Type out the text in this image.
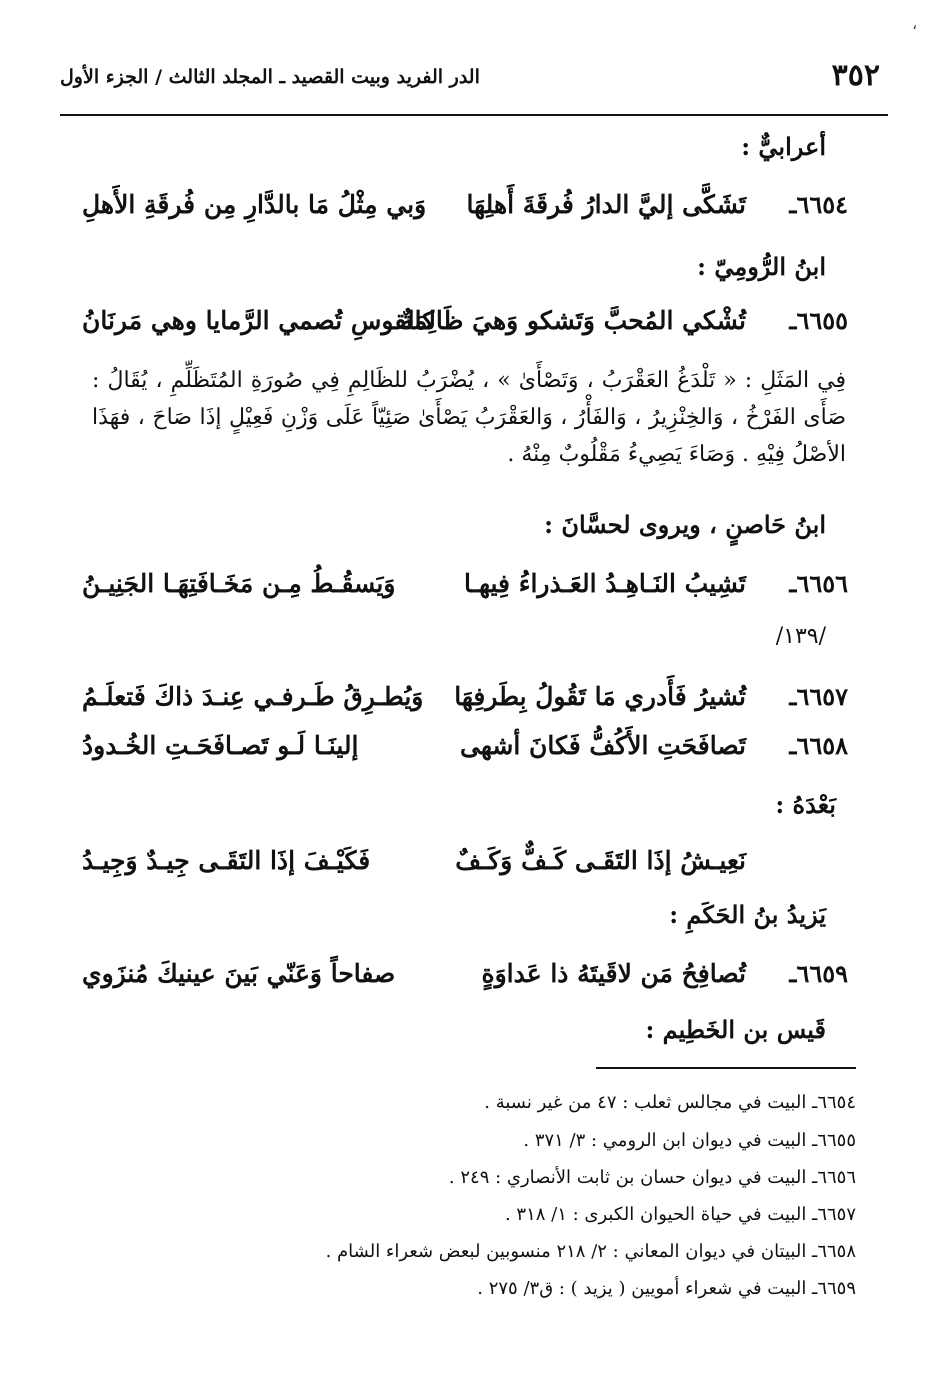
،
٣٥٢
الدر الفريد وبيت القصيد ـ المجلد الثالث / الجزء الأول
أعرابيٌّ :
٦٦٥٤ـ
تَشَكَّى إليَّ الدارُ فُرقَةَ أَهلِهَا
وَبي مِثْلُ مَا بالدَّارِ مِن فُرقَةِ الأَهلِ
ابنُ الرُّومِيّ :
٦٦٥٥ـ
تُشْكي المُحبَّ وَتَشكو وَهيَ ظَالِمَةٌ
كالقوسِ تُصمي الرَّمايا وهي مَرنَانُ
فِي المَثَلِ : « تَلْدَغُ العَقْرَبُ ، وَتَصْأَىٰ » ، يُضْرَبُ للظَالِمِ فِي صُورَةِ المُتَظَلِّمِ ، يُقَالُ : صَأَى الفَرْخُ ، وَالخِنْزِيرُ ، وَالفَأْرُ ، وَالعَقْرَبُ يَصْأَىٰ صَئِيّاً عَلَى وَزْنِ فَعِيْلٍ إذَا صَاحَ ، فهَذَا الأصْلُ فِيْهِ . وَصَاءَ يَصِيءُ مَقْلُوبٌ مِنْهُ .
ابنُ حَاصنٍ ، ويروى لحسَّانَ :
٦٦٥٦ـ
تَشِيبُ النَـاهِـدُ العَـذراءُ فِيهـا
وَيَسقُـطُ مِـن مَخَـافَتِهَـا الجَنِيـنُ
/١٣٩/
٦٦٥٧ـ
تُشيرُ فَأَدري مَا تَقُولُ بِطَرفِهَا
وَيُطـرِقُ طَـرفـي عِنـدَ ذاكَ فَتعلَـمُ
٦٦٥٨ـ
تَصافَحَتِ الأَكُفُّ فَكانَ أشهى
إلينَـا لَـو تَصـافَحَـتِ الخُـدودُ
بَعْدَهُ :
نَعِيـشُ إذَا التَقَـى كَـفٌّ وَكَـفٌ
فَكَيْـفَ إذَا التَقَـى جِيـدٌ وَجِيـدُ
يَزيدُ بنُ الحَكَمِ :
٦٦٥٩ـ
تُصافِحُ مَن لاقَيتَهُ ذا عَداوَةٍ
صفاحاً وَعَنّي بَينَ عينيكَ مُنزَوي
قَيس بن الخَطِيم :
٦٦٥٤ـ البيت في مجالس ثعلب : ٤٧ من غير نسبة .
٦٦٥٥ـ البيت في ديوان ابن الرومي : ٣/ ٣٧١ .
٦٦٥٦ـ البيت في ديوان حسان بن ثابت الأنصاري : ٢٤٩ .
٦٦٥٧ـ البيت في حياة الحيوان الكبرى : ١/ ٣١٨ .
٦٦٥٨ـ البيتان في ديوان المعاني : ٢/ ٢١٨ منسوبين لبعض شعراء الشام .
٦٦٥٩ـ البيت في شعراء أمويين ( يزيد ) : ق٣/ ٢٧٥ .
